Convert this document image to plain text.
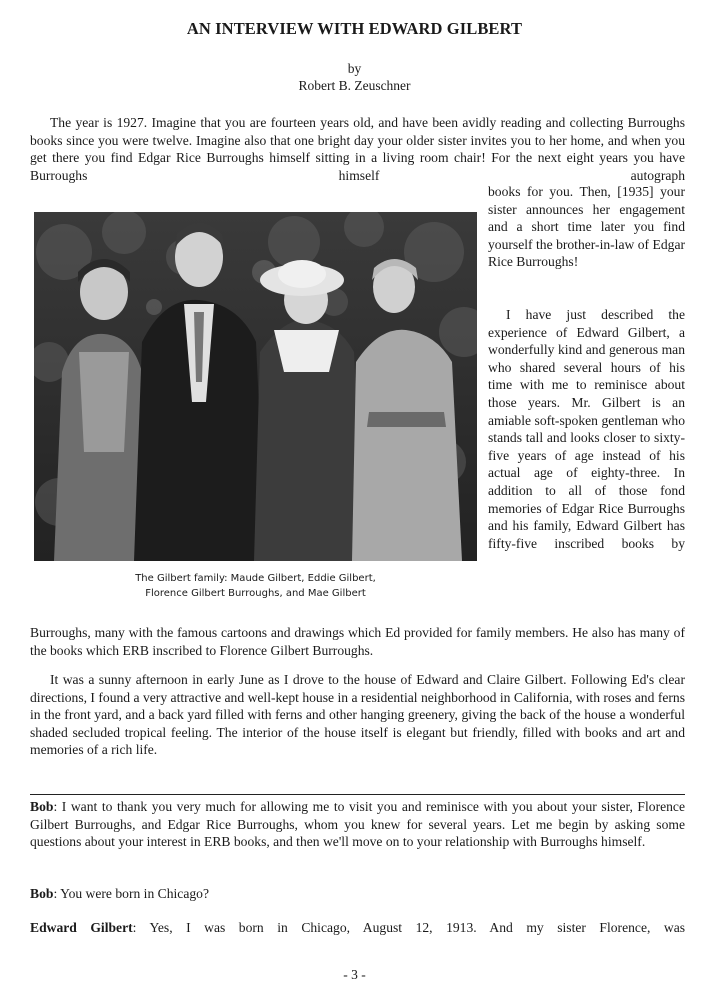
AN INTERVIEW WITH EDWARD GILBERT
by
Robert B. Zeuschner
The year is 1927. Imagine that you are fourteen years old, and have been avidly reading and collecting Burroughs books since you were twelve. Imagine also that one bright day your older sister invites you to her home, and when you get there you find Edgar Rice Burroughs himself sitting in a living room chair! For the next eight years you have Burroughs himself autograph
The Gilbert family: Maude Gilbert, Eddie Gilbert,
Florence Gilbert Burroughs, and Mae Gilbert
books for you. Then, [1935] your sister announces her engagement and a short time later you find yourself the brother-in-law of Edgar Rice Burroughs!
I have just described the experience of Edward Gilbert, a wonderfully kind and generous man who shared several hours of his time with me to reminisce about those years. Mr. Gilbert is an amiable soft-spoken gentleman who stands tall and looks closer to sixty-five years of age instead of his actual age of eighty-three. In addition to all of those fond memories of Edgar Rice Burroughs and his family, Edward Gilbert has fifty-five inscribed books by
Burroughs, many with the famous cartoons and drawings which Ed provided for family members. He also has many of the books which ERB inscribed to Florence Gilbert Burroughs.
It was a sunny afternoon in early June as I drove to the house of Edward and Claire Gilbert. Following Ed's clear directions, I found a very attractive and well-kept house in a residential neighborhood in California, with roses and ferns in the front yard, and a back yard filled with ferns and other hanging greenery, giving the back of the house a wonderful shaded secluded tropical feeling. The interior of the house itself is elegant but friendly, filled with books and art and memories of a rich life.
Bob: I want to thank you very much for allowing me to visit you and reminisce with you about your sister, Florence Gilbert Burroughs, and Edgar Rice Burroughs, whom you knew for several years. Let me begin by asking some questions about your interest in ERB books, and then we'll move on to your relationship with Burroughs himself.
Bob: You were born in Chicago?
Edward Gilbert: Yes, I was born in Chicago, August 12, 1913. And my sister Florence, was
- 3 -
